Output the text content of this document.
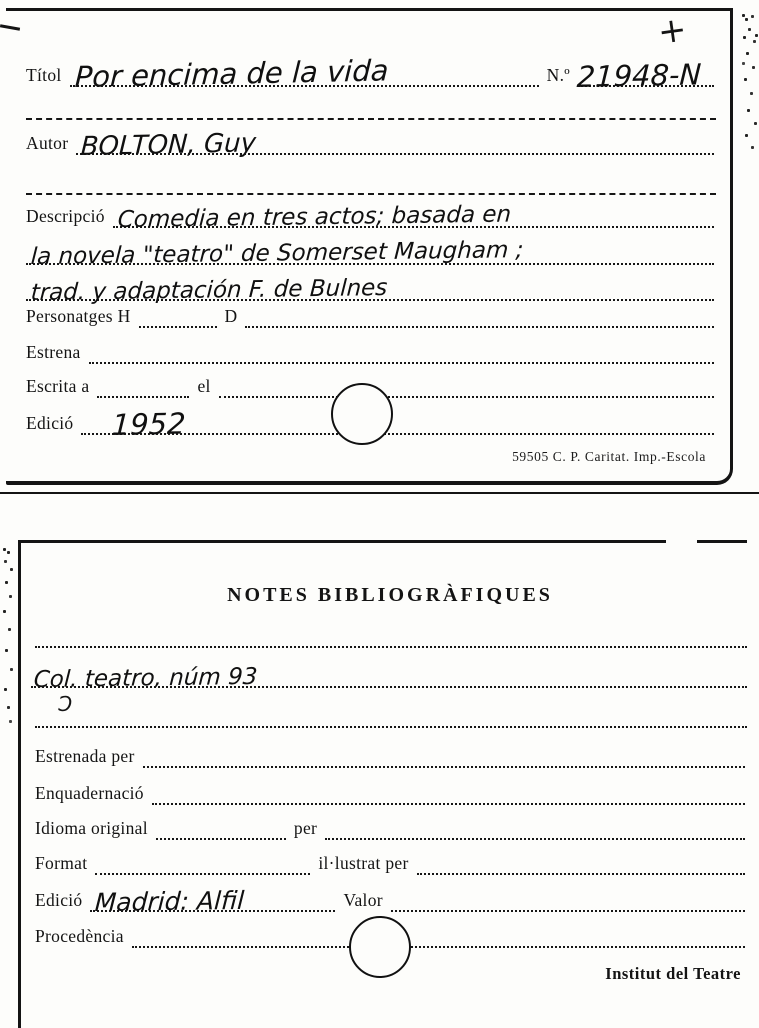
+
Títol Por encima de la vida	N.º 21948-N
Autor BOLTON, Guy
Descripció Comedia en tres actos; basada en
la novela "teatro" de Somerset Maugham ;
trad. y adaptación F. de Bulnes
Personatges H	D
Estrena
Escrita a	el
Edició 1952
59505 C. P. Caritat. Imp.-Escola
NOTES BIBLIOGRÀFIQUES
Col. teatro, núm 93
Ɔ
Estrenada per
Enquadernació
Idioma original	per
Format	il·lustrat per
Edició Madrid: Alfil	Valor
Procedència
Institut del Teatre
